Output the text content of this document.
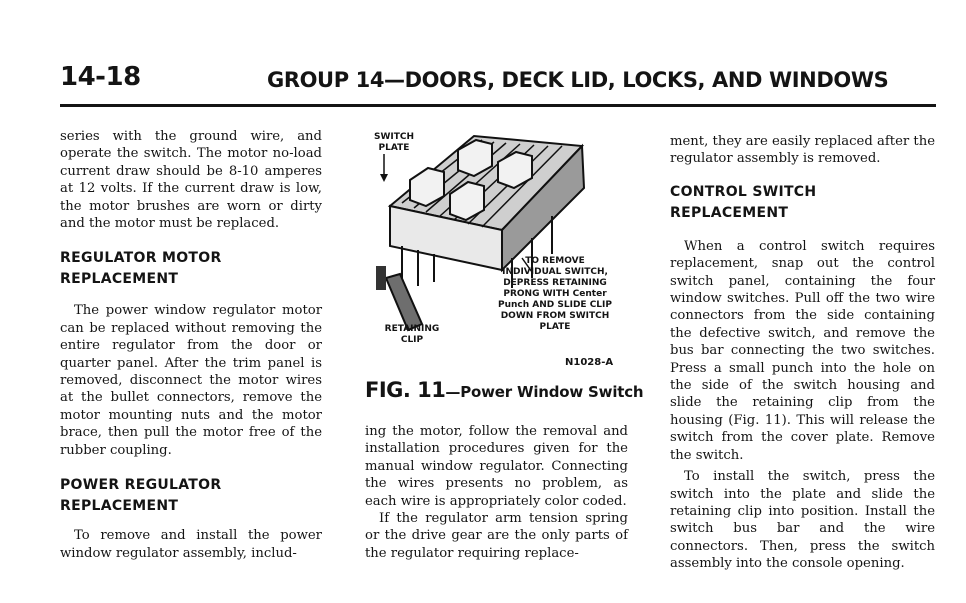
14-18	GROUP 14—DOORS, DECK LID, LOCKS, AND WINDOWS

series with the ground wire, and operate the switch. The motor no-load current draw should be 8-10 amperes at 12 volts. If the current draw is low, the motor brushes are worn or dirty and the motor must be replaced.

REGULATOR MOTOR
REPLACEMENT

The power window regulator motor can be replaced without removing the entire regulator from the door or quarter panel. After the trim panel is removed, disconnect the motor wires at the bullet connectors, remove the motor mounting nuts and the motor brace, then pull the motor free of the rubber coupling.

POWER REGULATOR
REPLACEMENT

To remove and install the power window regulator assembly, includ-

SWITCH
PLATE
RETAINING
CLIP
TO REMOVE
INDIVIDUAL SWITCH,
DEPRESS RETAINING
PRONG WITH Center
Punch AND SLIDE CLIP
DOWN FROM SWITCH
PLATE
N1028-A
FIG. 11—Power Window Switch

ing the motor, follow the removal and installation procedures given for the manual window regulator. Connecting the wires presents no problem, as each wire is appropriately color coded.

If the regulator arm tension spring or the drive gear are the only parts of the regulator requiring replace-

ment, they are easily replaced after the regulator assembly is removed.

CONTROL SWITCH
REPLACEMENT

When a control switch requires replacement, snap out the control switch panel, containing the four window switches. Pull off the two wire connectors from the side containing the defective switch, and remove the bus bar connecting the two switches. Press a small punch into the hole on the side of the switch housing and slide the retaining clip from the housing (Fig. 11). This will release the switch from the cover plate. Remove the switch.

To install the switch, press the switch into the plate and slide the retaining clip into position. Install the switch bus bar and the wire connectors. Then, press the switch assembly into the console opening.
